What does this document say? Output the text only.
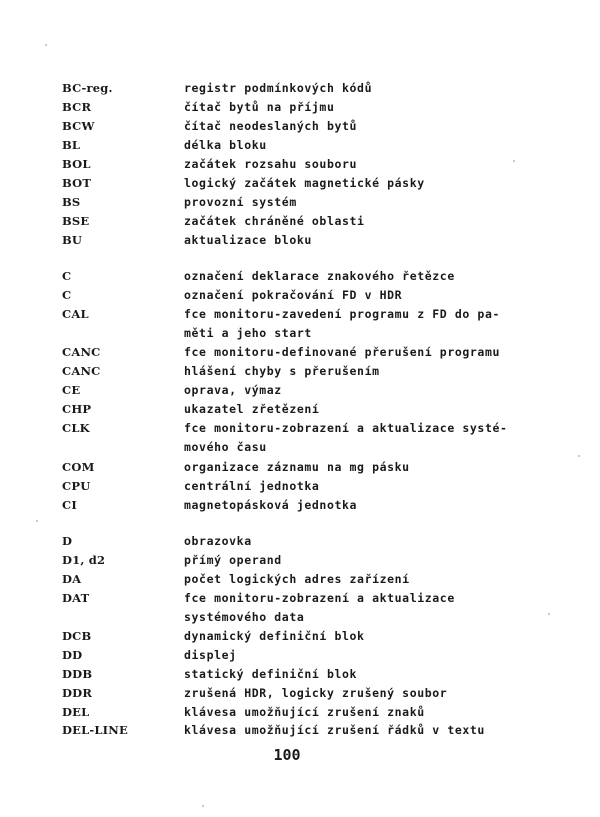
BC-reg.	registr podmínkových kódů
BCR	čítač bytů na příjmu
BCW	čítač neodeslaných bytů
BL	délka bloku
BOL	začátek rozsahu souboru
BOT	logický začátek magnetické pásky
BS	provozní systém
BSE	začátek chráněné oblasti
BU	aktualizace bloku
C	označení deklarace znakového řetězce
C	označení pokračování FD v HDR
CAL	fce monitoru-zavedení programu z FD do pa-
měti a jeho start
CANC	fce monitoru-definované přerušení programu
CANC	hlášení chyby s přerušením
CE	oprava, výmaz
CHP	ukazatel zřetězení
CLK	fce monitoru-zobrazení a aktualizace systé-
mového času
COM	organizace záznamu na mg pásku
CPU	centrální jednotka
CI	magnetopásková jednotka
D	obrazovka
D1, d2	přímý operand
DA	počet logických adres zařízení
DAT	fce monitoru-zobrazení a aktualizace
systémového data
DCB	dynamický definiční blok
DD	displej
DDB	statický definiční blok
DDR	zrušená HDR, logicky zrušený soubor
DEL	klávesa umožňující zrušení znaků
DEL-LINE	klávesa umožňující zrušení řádků v textu
100
